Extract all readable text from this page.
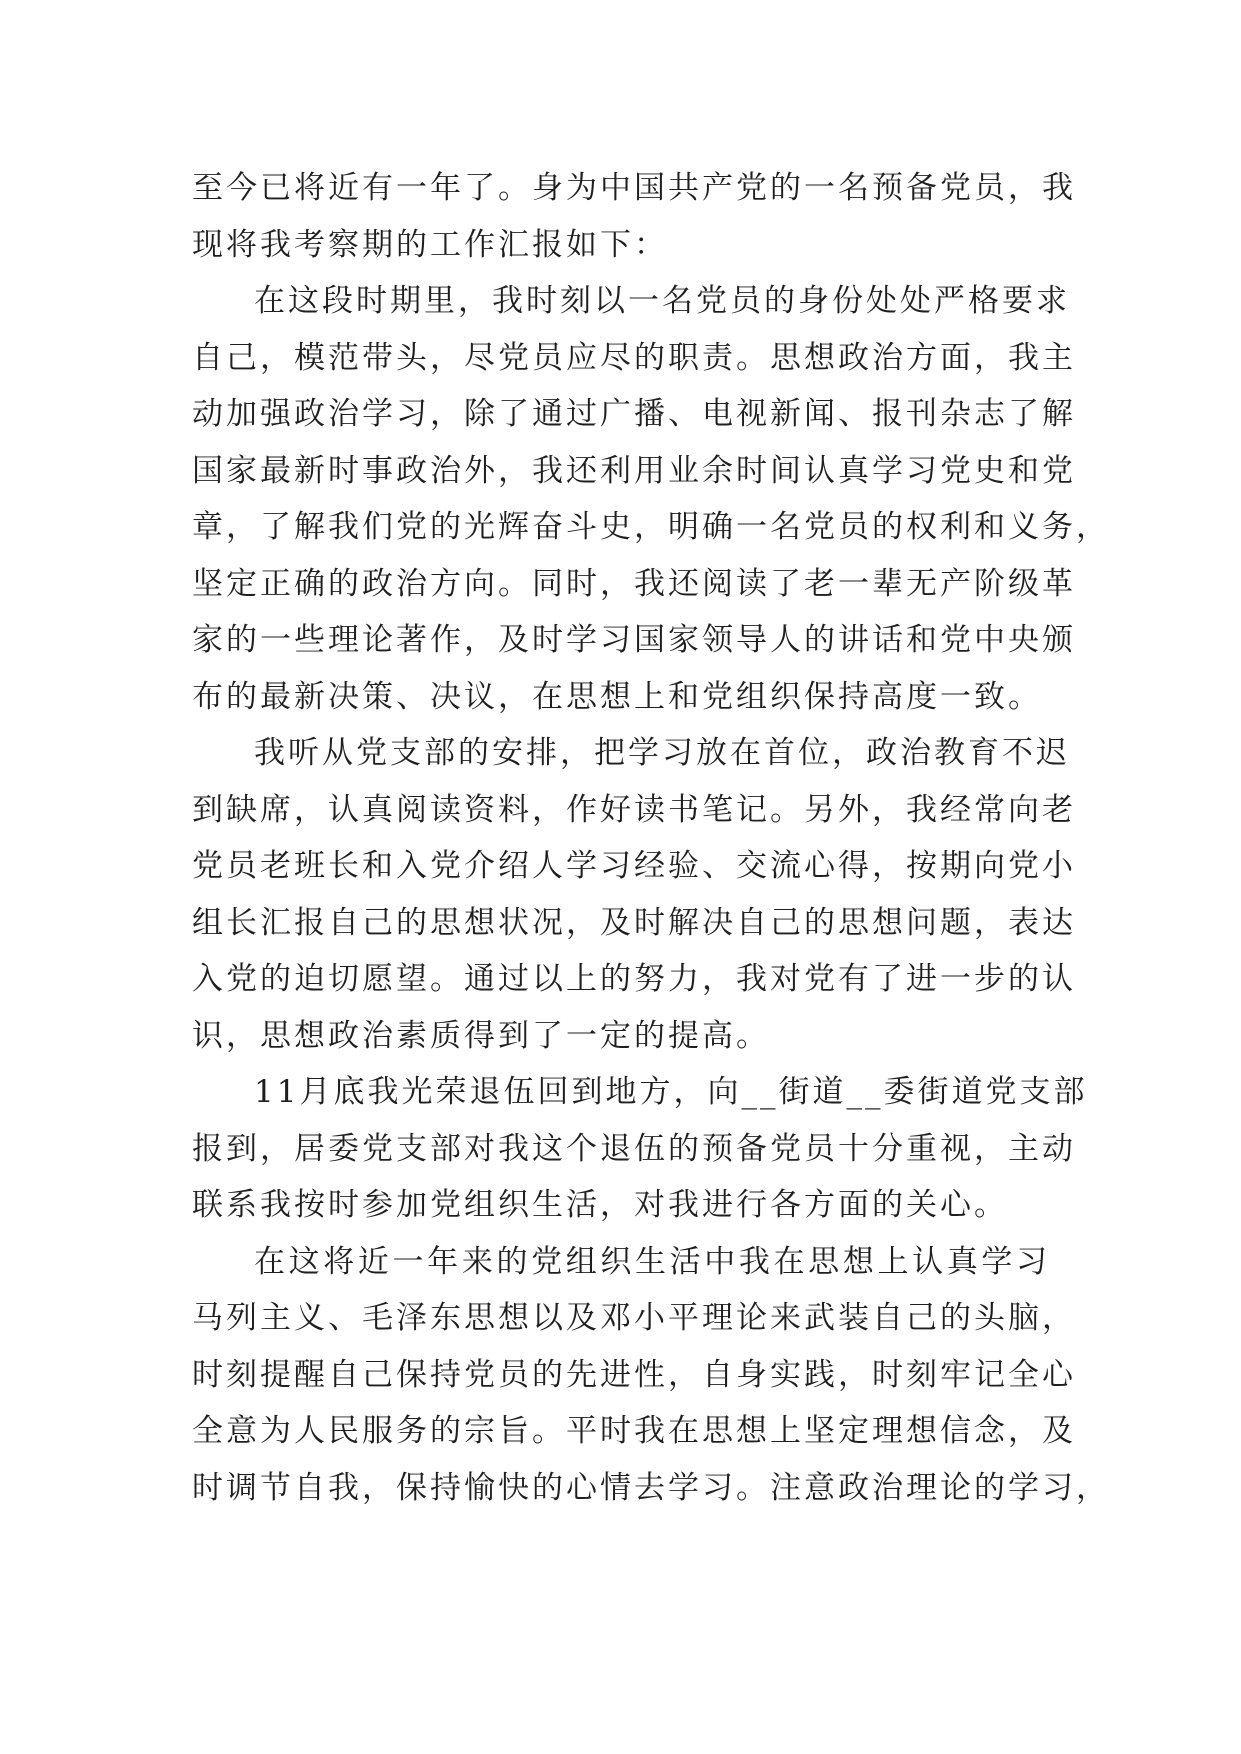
至今已将近有一年了。身为中国共产党的一名预备党员，我
现将我考察期的工作汇报如下：
在这段时期里，我时刻以一名党员的身份处处严格要求
自己，模范带头，尽党员应尽的职责。思想政治方面，我主
动加强政治学习，除了通过广播、电视新闻、报刊杂志了解
国家最新时事政治外，我还利用业余时间认真学习党史和党
章，了解我们党的光辉奋斗史，明确一名党员的权利和义务，
坚定正确的政治方向。同时，我还阅读了老一辈无产阶级革
家的一些理论著作，及时学习国家领导人的讲话和党中央颁
布的最新决策、决议，在思想上和党组织保持高度一致。
我听从党支部的安排，把学习放在首位，政治教育不迟
到缺席，认真阅读资料，作好读书笔记。另外，我经常向老
党员老班长和入党介绍人学习经验、交流心得，按期向党小
组长汇报自己的思想状况，及时解决自己的思想问题，表达
入党的迫切愿望。通过以上的努力，我对党有了进一步的认
识，思想政治素质得到了一定的提高。
11月底我光荣退伍回到地方，向__街道__委街道党支部
报到，居委党支部对我这个退伍的预备党员十分重视，主动
联系我按时参加党组织生活，对我进行各方面的关心。
在这将近一年来的党组织生活中我在思想上认真学习
马列主义、毛泽东思想以及邓小平理论来武装自己的头脑，
时刻提醒自己保持党员的先进性，自身实践，时刻牢记全心
全意为人民服务的宗旨。平时我在思想上坚定理想信念，及
时调节自我，保持愉快的心情去学习。注意政治理论的学习，
